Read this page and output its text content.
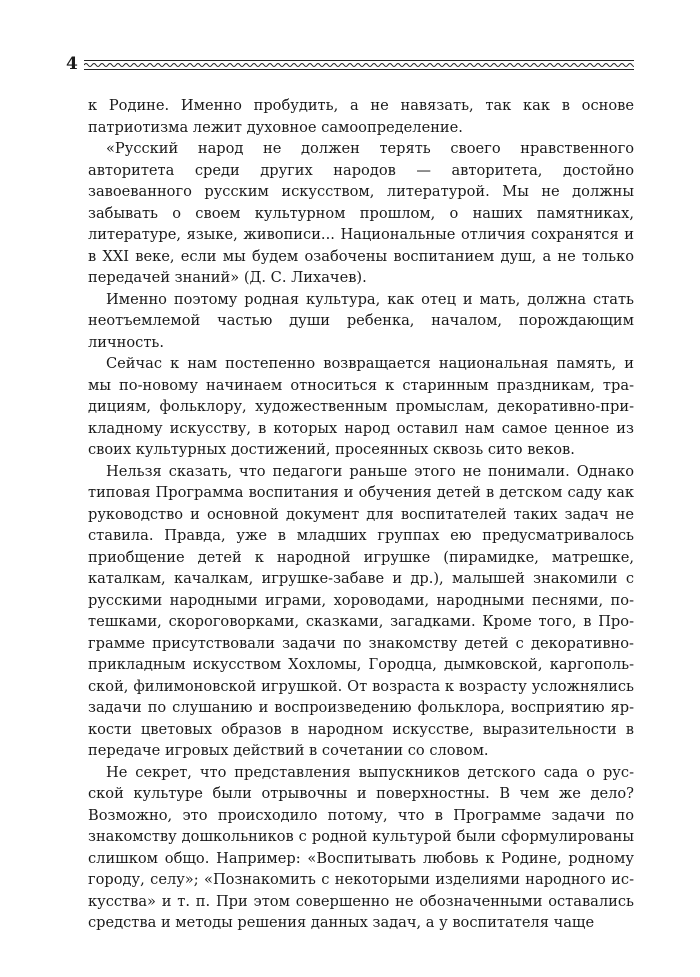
4

к Родине. Именно пробудить, а не навязать, так как в основе патриотизма лежит духовное самоопределение.

«Русский народ не должен терять своего нравственного авторитета среди других народов — авторитета, достойно завоеванного русским искусством, литературой. Мы не должны забывать о своем культурном прошлом, о наших памятниках, литературе, языке, живописи... Национальные отличия сохранятся и в XXI веке, если мы будем озабочены воспитанием душ, а не только передачей знаний» (Д. С. Лихачев).

Именно поэтому родная культура, как отец и мать, должна стать неотъемлемой частью души ребенка, началом, порождающим личность.

Сейчас к нам постепенно возвращается национальная память, и мы по-новому начинаем относиться к старинным праздникам, традициям, фольклору, художественным промыслам, декоративно-прикладному искусству, в которых народ оставил нам самое ценное из своих культурных достижений, просеянных сквозь сито веков.

Нельзя сказать, что педагоги раньше этого не понимали. Однако типовая Программа воспитания и обучения детей в детском саду как руководство и основной документ для воспитателей таких задач не ставила. Правда, уже в младших группах ею предусматривалось приобщение детей к народной игрушке (пирамидке, матрешке, каталкам, качалкам, игрушке-забаве и др.), малышей знакомили с русскими народными играми, хороводами, народными песнями, потешками, скороговорками, сказками, загадками. Кроме того, в Программе присутствовали задачи по знакомству детей с декоративно-прикладным искусством Хохломы, Городца, дымковской, каргопольской, филимоновской игрушкой. От возраста к возрасту усложнялись задачи по слушанию и воспроизведению фольклора, восприятию яркости цветовых образов в народном искусстве, выразительности в передаче игровых действий в сочетании со словом.

Не секрет, что представления выпускников детского сада о русской культуре были отрывочны и поверхностны. В чем же дело? Возможно, это происходило потому, что в Программе задачи по знакомству дошкольников с родной культурой были сформулированы слишком общо. Например: «Воспитывать любовь к Родине, родному городу, селу»; «Познакомить с некоторыми изделиями народного искусства» и т. п. При этом совершенно не обозначенными оставались средства и методы решения данных задач, а у воспитателя чаще
